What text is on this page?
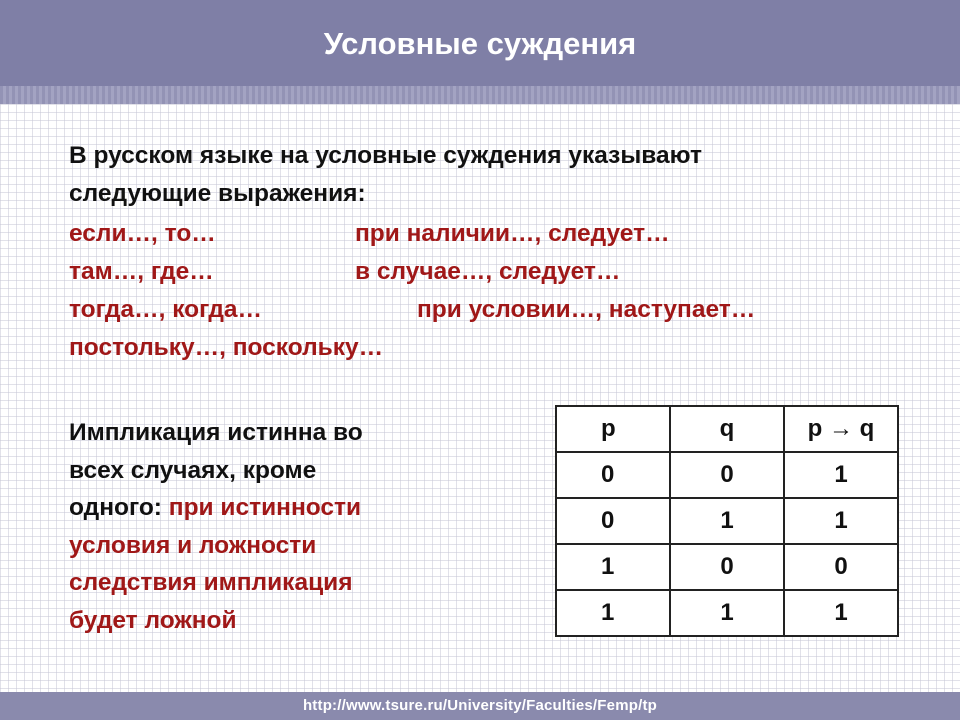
Условные суждения
В русском языке на условные суждения указывают
следующие выражения:
если…, то…	при наличии…, следует…
там…, где…	в случае…, следует…
тогда…, когда…	при условии…, наступает…
постольку…, поскольку…
Импликация истинна во
всех случаях, кроме
одного: при истинности
условия и ложности
следствия импликация
будет ложной
p	q	p → q
0	0	1
0	1	1
1	0	0
1	1	1
http://www.tsure.ru/University/Faculties/Femp/tp
